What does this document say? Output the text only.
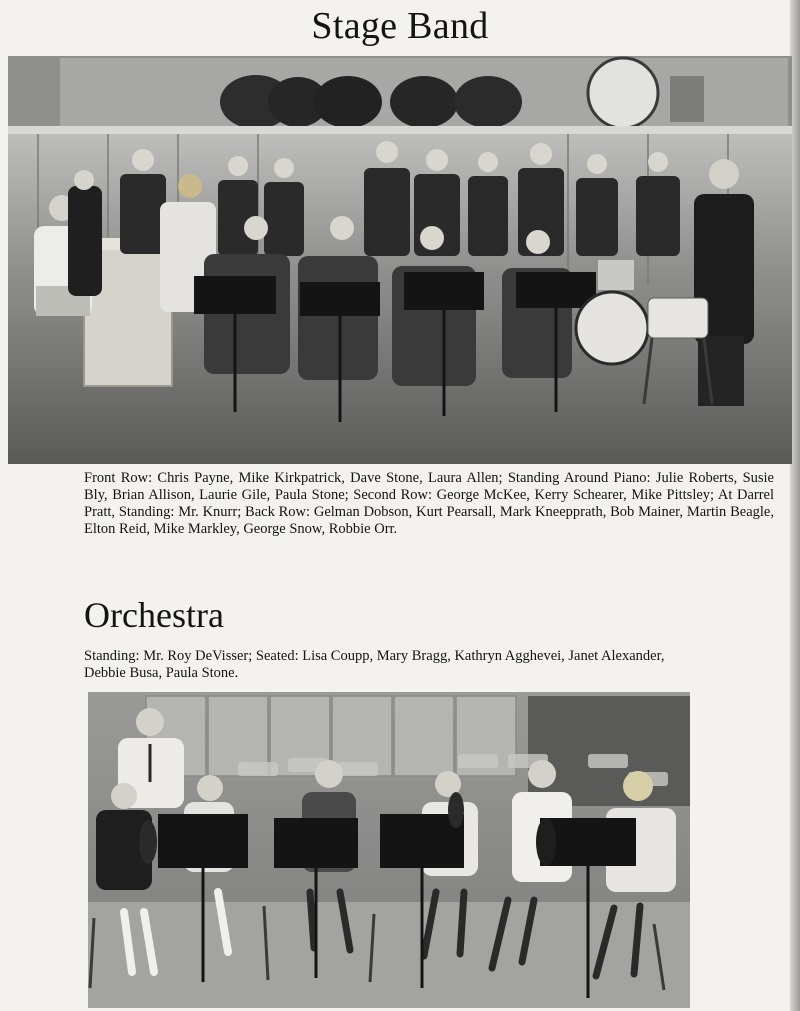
Stage Band

Front Row: Chris Payne, Mike Kirkpatrick, Dave Stone, Laura Allen; Standing Around Piano: Julie Roberts, Susie Bly, Brian Allison, Laurie Gile, Paula Stone; Second Row: George McKee, Kerry Schearer, Mike Pittsley; At Darrel Pratt, Standing: Mr. Knurr; Back Row: Gelman Dobson, Kurt Pearsall, Mark Kneepprath, Bob Mainer, Martin Beagle, Elton Reid, Mike Markley, George Snow, Robbie Orr.

Orchestra

Standing: Mr. Roy DeVisser; Seated: Lisa Coupp, Mary Bragg, Kathryn Agghevei, Janet Alexander, Debbie Busa, Paula Stone.
